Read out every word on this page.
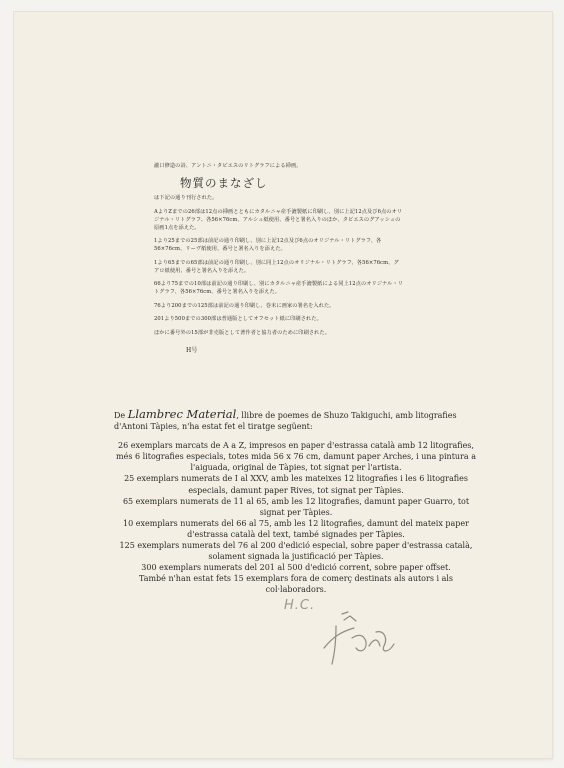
瀧口修造の詩、アントニ・タピエスのリトグラフによる挿画。

物質のまなざし

は下記の通り刊行された。

AよりZまでの26部は12点の挿画とともにカタルニャ産手漉製紙に印刷し、別に上記12点及び6点のオリジナル・リトグラフ、各56×76cm、アルシュ紙使用、番号と署名入りのほか、タピエスのグアッシュの原画1点を添えた。

1より25までの25部は前記の通り印刷し、別に上記12点及び6点のオリジナル・リトグラフ、各56×76cm、リーヴ紙使用、番号と署名入りを添えた。

1より65までの65部は前記の通り印刷し、別に同上12点のオリジナル・リトグラフ、各56×76cm、グアロ紙使用、番号と署名入りを添えた。

66より75までの10部は前記の通り印刷し、別にカタルニャ産手漉製紙による同上12点のオリジナル・リトグラフ、各56×76cm、番号と署名入りを添えた。

76より200までの125部は前記の通り印刷し、巻末に画家の署名を入れた。

201より500までの300部は普通版としてオフセット紙に印刷された。

ほかに番号外の15部が非売版として著作者と協力者のために印刷された。

H号

De Llambrec Material, llibre de poemes de Shuzo Takiguchi, amb litografies d'Antoni Tàpies, n'ha estat fet el tiratge següent:

26 exemplars marcats de A a Z, impresos en paper d'estrassa català amb 12 litografies, més 6 litografies especials, totes mida 56 x 76 cm, damunt paper Arches, i una pintura a l'aiguada, original de Tàpies, tot signat per l'artista.

25 exemplars numerats de I al XXV, amb les mateixes 12 litografies i les 6 litografies especials, damunt paper Rives, tot signat per Tàpies.

65 exemplars numerats de 11 al 65, amb les 12 litografies, damunt paper Guarro, tot signat per Tàpies.

10 exemplars numerats del 66 al 75, amb les 12 litografies, damunt del mateix paper d'estrassa català del text, també signades per Tàpies.

125 exemplars numerats del 76 al 200 d'edició especial, sobre paper d'estrassa català, solament signada la justificació per Tàpies.

300 exemplars numerats del 201 al 500 d'edició corrent, sobre paper offset.

També n'han estat fets 15 exemplars fora de comerç destinats als autors i als col·laboradors.

H.C.
